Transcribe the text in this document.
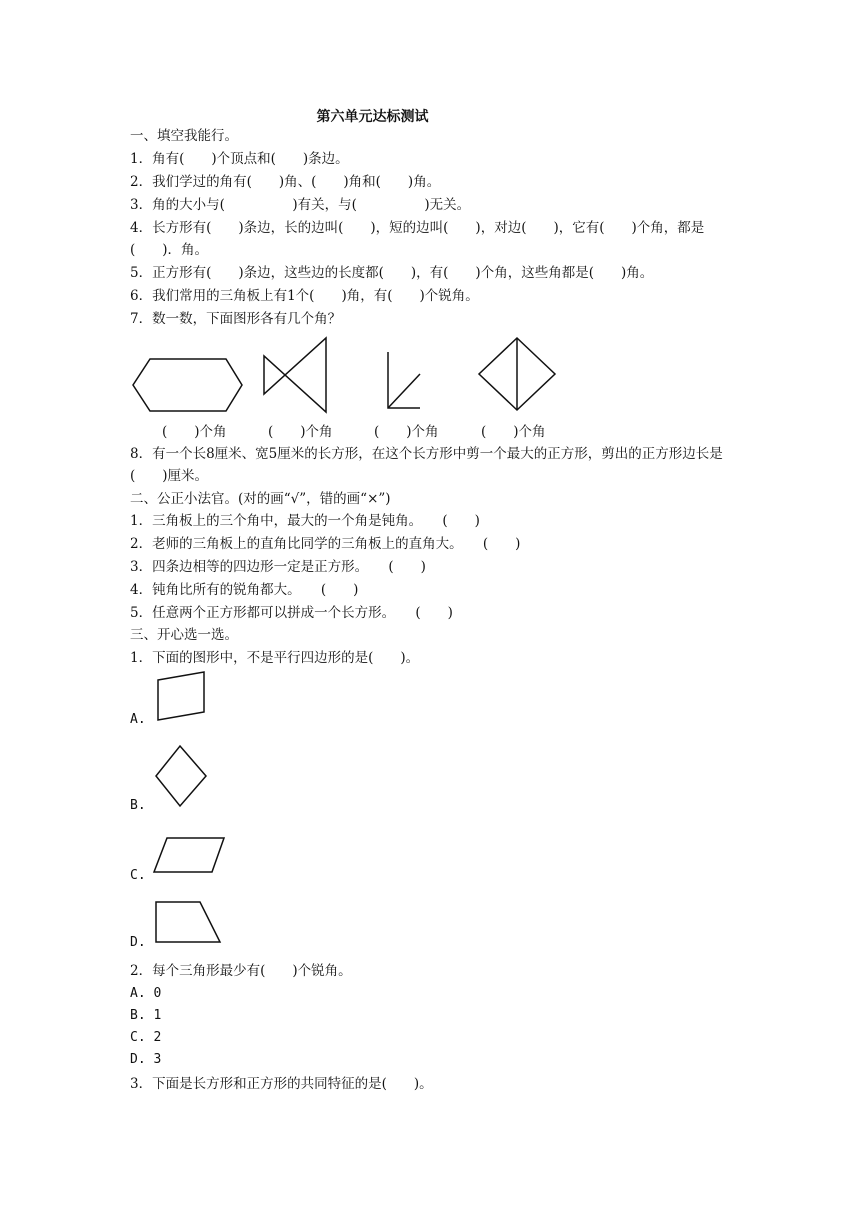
第六单元达标测试
一、填空我能行。
1．角有(　　)个顶点和(　　)条边。
2．我们学过的角有(　　)角、(　　)角和(　　)角。
3．角的大小与(　　　　　)有关，与(　　　　　)无关。
4．长方形有(　　)条边，长的边叫(　　)，短的边叫(　　)，对边(　　)，它有(　　)个角，都是(　　)．角。
5．正方形有(　　)条边，这些边的长度都(　　)，有(　　)个角，这些角都是(　　)角。
6．我们常用的三角板上有1个(　　)角，有(　　)个锐角。
7．数一数，下面图形各有几个角？
(　　)个角	(　　)个角	(　　)个角	(　　)个角
8．有一个长8厘米、宽5厘米的长方形，在这个长方形中剪一个最大的正方形，剪出的正方形边长是(　　)厘米。
二、公正小法官。(对的画“√”，错的画“×”)
1．三角板上的三个角中，最大的一个角是钝角。　　(　　)
2．老师的三角板上的直角比同学的三角板上的直角大。　　(　　)
3．四条边相等的四边形一定是正方形。　　(　　)
4．钝角比所有的锐角都大。　　(　　)
5．任意两个正方形都可以拼成一个长方形。　　(　　)
三、开心选一选。
1．下面的图形中，不是平行四边形的是(　　)。
A.
B.
C.
D.
2．每个三角形最少有(　　)个锐角。
A. 0
B. 1
C. 2
D. 3
3．下面是长方形和正方形的共同特征的是(　　)。
